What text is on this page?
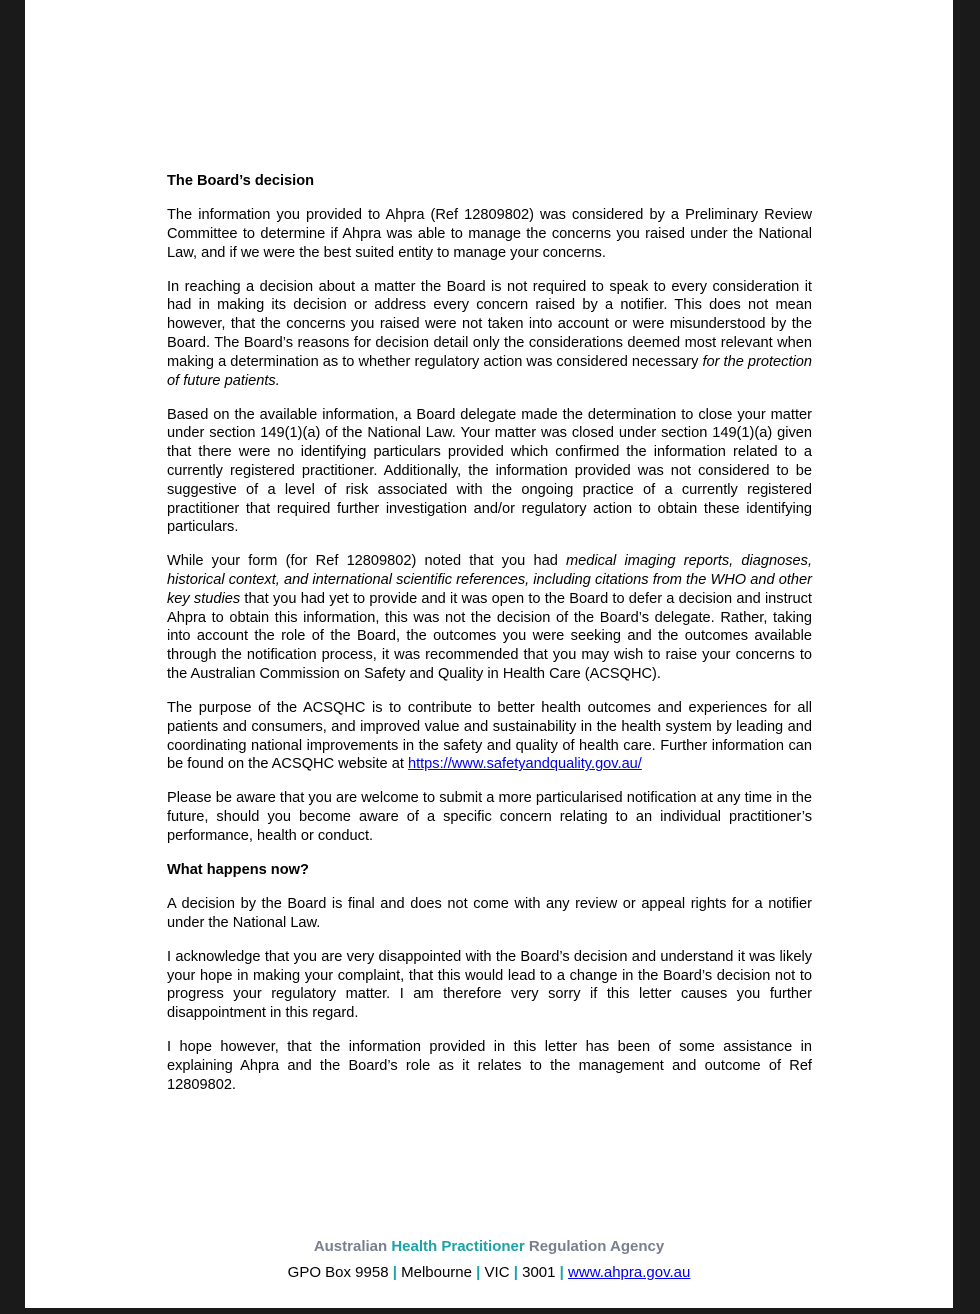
The Board’s decision

The information you provided to Ahpra (Ref 12809802) was considered by a Preliminary Review Committee to determine if Ahpra was able to manage the concerns you raised under the National Law, and if we were the best suited entity to manage your concerns.

In reaching a decision about a matter the Board is not required to speak to every consideration it had in making its decision or address every concern raised by a notifier. This does not mean however, that the concerns you raised were not taken into account or were misunderstood by the Board. The Board’s reasons for decision detail only the considerations deemed most relevant when making a determination as to whether regulatory action was considered necessary for the protection of future patients.

Based on the available information, a Board delegate made the determination to close your matter under section 149(1)(a) of the National Law. Your matter was closed under section 149(1)(a) given that there were no identifying particulars provided which confirmed the information related to a currently registered practitioner. Additionally, the information provided was not considered to be suggestive of a level of risk associated with the ongoing practice of a currently registered practitioner that required further investigation and/or regulatory action to obtain these identifying particulars.

While your form (for Ref 12809802) noted that you had medical imaging reports, diagnoses, historical context, and international scientific references, including citations from the WHO and other key studies that you had yet to provide and it was open to the Board to defer a decision and instruct Ahpra to obtain this information, this was not the decision of the Board’s delegate. Rather, taking into account the role of the Board, the outcomes you were seeking and the outcomes available through the notification process, it was recommended that you may wish to raise your concerns to the Australian Commission on Safety and Quality in Health Care (ACSQHC).

The purpose of the ACSQHC is to contribute to better health outcomes and experiences for all patients and consumers, and improved value and sustainability in the health system by leading and coordinating national improvements in the safety and quality of health care. Further information can be found on the ACSQHC website at https://www.safetyandquality.gov.au/

Please be aware that you are welcome to submit a more particularised notification at any time in the future, should you become aware of a specific concern relating to an individual practitioner’s performance, health or conduct.

What happens now?

A decision by the Board is final and does not come with any review or appeal rights for a notifier under the National Law.

I acknowledge that you are very disappointed with the Board’s decision and understand it was likely your hope in making your complaint, that this would lead to a change in the Board’s decision not to progress your regulatory matter. I am therefore very sorry if this letter causes you further disappointment in this regard.

I hope however, that the information provided in this letter has been of some assistance in explaining Ahpra and the Board’s role as it relates to the management and outcome of Ref 12809802.

Australian Health Practitioner Regulation Agency
GPO Box 9958 | Melbourne | VIC | 3001 | www.ahpra.gov.au
